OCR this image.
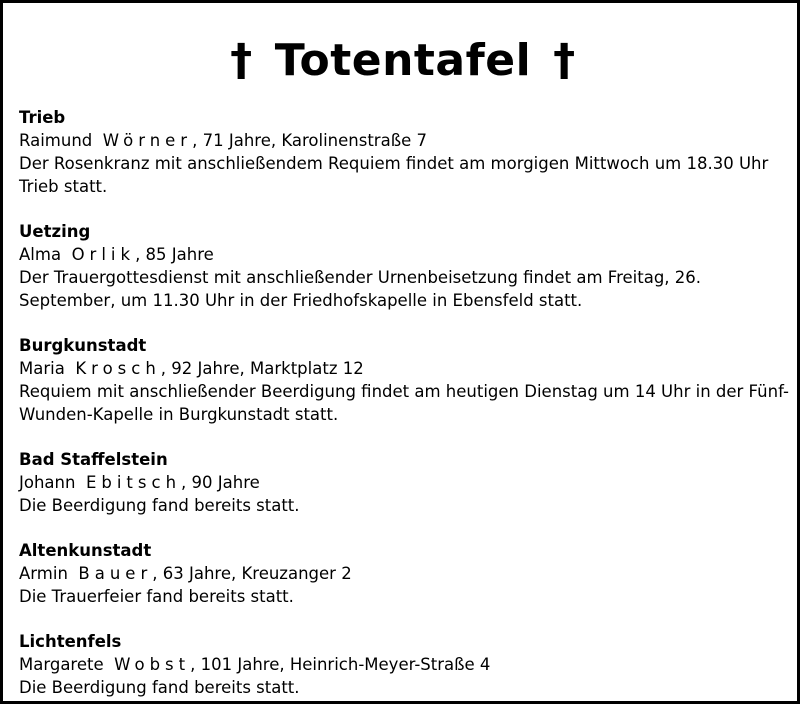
† Totentafel †
Trieb
Raimund Wörner, 71 Jahre, Karolinenstraße 7
Der Rosenkranz mit anschließendem Requiem findet am morgigen Mittwoch um 18.30 Uhr Trieb statt.
Uetzing
Alma Orlik, 85 Jahre
Der Trauergottesdienst mit anschließender Urnenbeisetzung findet am Freitag, 26. September, um 11.30 Uhr in der Friedhofskapelle in Ebensfeld statt.
Burgkunstadt
Maria Krosch, 92 Jahre, Marktplatz 12
Requiem mit anschließender Beerdigung findet am heutigen Dienstag um 14 Uhr in der Fünf-Wunden-Kapelle in Burgkunstadt statt.
Bad Staffelstein
Johann Ebitsch, 90 Jahre
Die Beerdigung fand bereits statt.
Altenkunstadt
Armin Bauer, 63 Jahre, Kreuzanger 2
Die Trauerfeier fand bereits statt.
Lichtenfels
Margarete Wobst, 101 Jahre, Heinrich-Meyer-Straße 4
Die Beerdigung fand bereits statt.
